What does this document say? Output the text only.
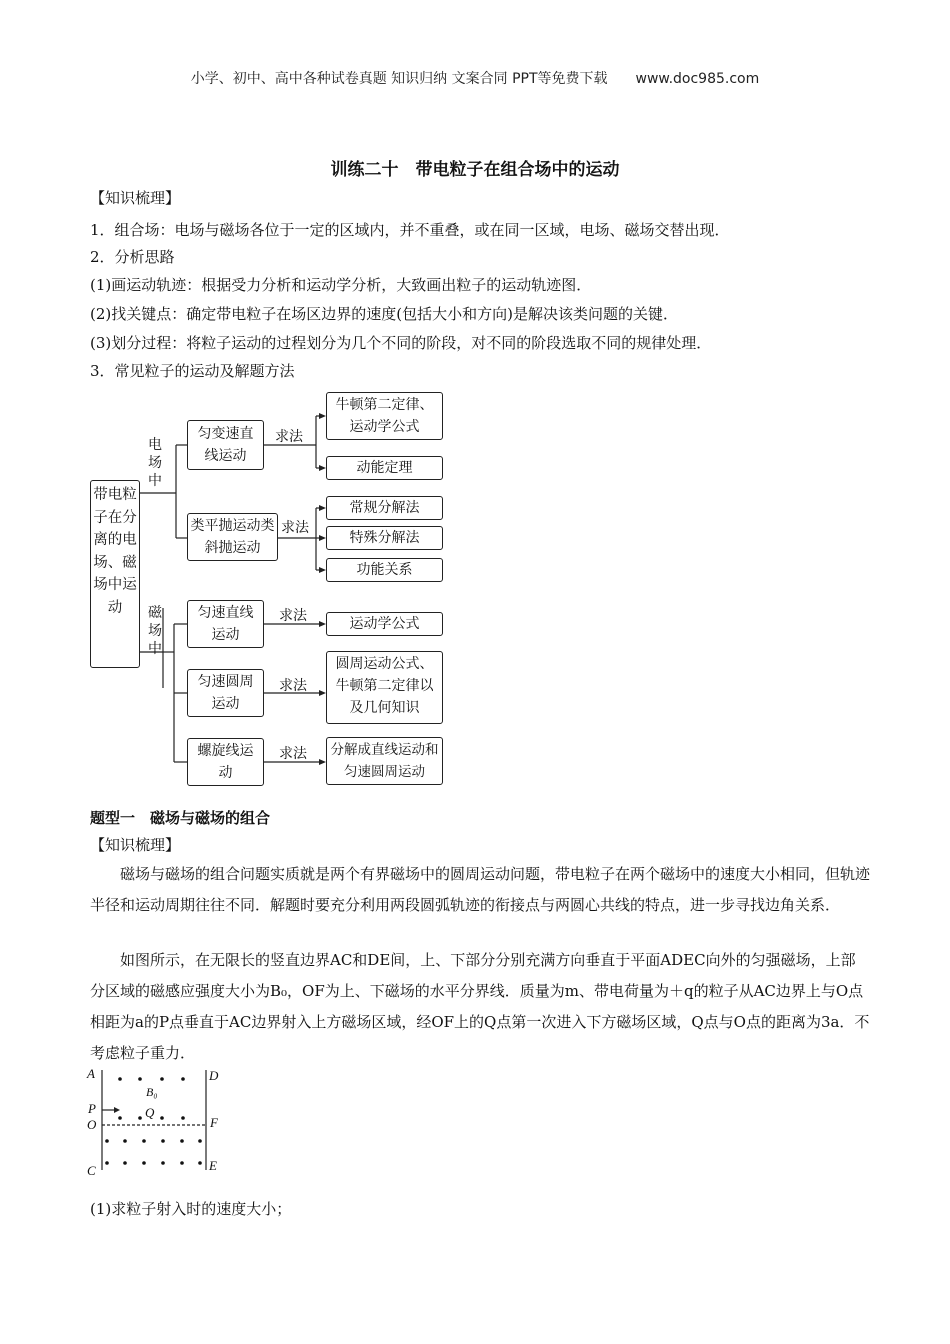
小学、初中、高中各种试卷真题 知识归纳 文案合同 PPT等免费下载 www.doc985.com
训练二十　带电粒子在组合场中的运动
【知识梳理】
1．组合场：电场与磁场各位于一定的区域内，并不重叠，或在同一区域，电场、磁场交替出现．
2．分析思路
(1)画运动轨迹：根据受力分析和运动学分析，大致画出粒子的运动轨迹图．
(2)找关键点：确定带电粒子在场区边界的速度(包括大小和方向)是解决该类问题的关键．
(3)划分过程：将粒子运动的过程划分为几个不同的阶段，对不同的阶段选取不同的规律处理．
3．常见粒子的运动及解题方法
带电粒子在分离的电场、磁场中运动
电场中
磁场中
匀变速直线运动
类平抛运动类斜抛运动
匀速直线运动
匀速圆周运动
螺旋线运动
求法
求法
求法
求法
求法
牛顿第二定律、运动学公式
动能定理
常规分解法
特殊分解法
功能关系
运动学公式
圆周运动公式、牛顿第二定律以及几何知识
分解成直线运动和匀速圆周运动
题型一　磁场与磁场的组合
【知识梳理】
磁场与磁场的组合问题实质就是两个有界磁场中的圆周运动问题，带电粒子在两个磁场中的速度大小相同，但轨迹半径和运动周期往往不同．解题时要充分利用两段圆弧轨迹的衔接点与两圆心共线的特点，进一步寻找边角关系．
如图所示，在无限长的竖直边界AC和DE间，上、下部分分别充满方向垂直于平面ADEC向外的匀强磁场，上部分区域的磁感应强度大小为B₀，OF为上、下磁场的水平分界线．质量为m、带电荷量为＋q的粒子从AC边界上与O点相距为a的P点垂直于AC边界射入上方磁场区域，经OF上的Q点第一次进入下方磁场区域，Q点与O点的距离为3a．不考虑粒子重力．
A	D
P
O	F
C	E
Q
B₀
(1)求粒子射入时的速度大小；
